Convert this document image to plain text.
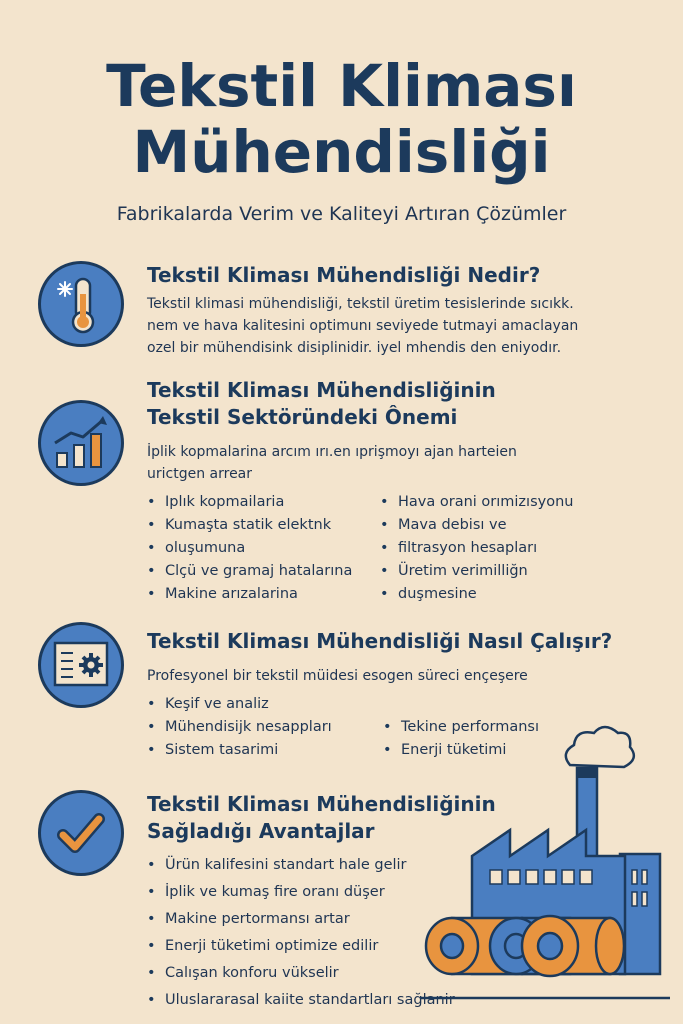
Tekstil Kliması
Mühendisliği
Fabrikalarda Verim ve Kaliteyi Artıran Çözümler
Tekstil Kliması Mühendisliği Nedir?
Tekstil klimasi mühendisliği, tekstil üretim tesislerinde sıcıkk.
nem ve hava kalitesini optimunı seviyede tutmayi amaclayan
ozel bir mühendisink disiplinidir. iyel mhendis den eniyodır.
Tekstil Kliması Mühendisliğinin
Tekstil Sektöründeki Ônemi
İplik kopmalarina arcım ırı.en ıprişmoyı ajan harteien
urictgen arrear
• Iplık kopmailaria
• Kumaşta statik elektnk
• oluşumuna
• Clçü ve gramaj hatalarına
• Makine arızalarina
• Hava orani orımizısyonu
• Mava debisı ve
• filtrasyon hesapları
• Üretim verimilliğn
• duşmesine
Tekstil Kliması Mühendisliği Nasıl Çalışır?
Profesyonel bir tekstil müidesi esogen süreci ençeşere
• Keşif ve analiz
• Mühendisijk nesappları
• Sistem tasarimi
• Tekine performansı
• Enerji tüketimi
Tekstil Kliması Mühendisliğinin
Sağladığı Avantajlar
• Ürün kalifesini standart hale gelir
• İplik ve kumaş fire oranı düşer
• Makine pertormansı artar
• Enerji tüketimi optimize edilir
• Calışan konforu vükselir
• Uluslararasal kaiite standartları sağlanir
